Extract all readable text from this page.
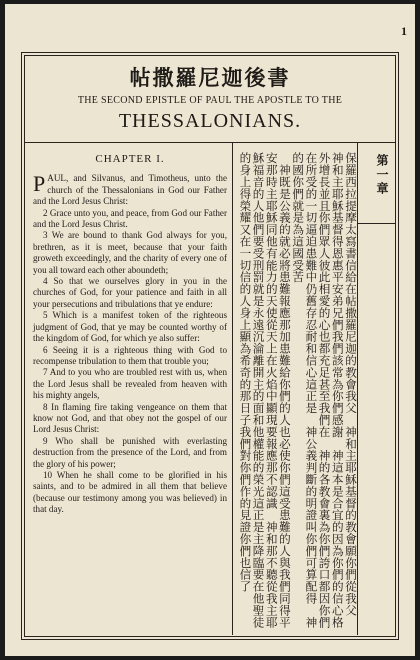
1
帖撒羅尼迦後書
THE SECOND EPISTLE OF PAUL THE APOSTLE TO THE
THESSALONIANS.
第一章
CHAPTER I.

PAUL, and Silvanus, and Timotheus, unto the church of the Thessalonians in God our Father and the Lord Jesus Christ:

2 Grace unto you, and peace, from God our Father and the Lord Jesus Christ.

3 We are bound to thank God always for you, brethren, as it is meet, because that your faith groweth exceedingly, and the charity of every one of you all toward each other aboundeth;

4 So that we ourselves glory in you in the churches of God, for your patience and faith in all your persecutions and tribulations that ye endure:

5 Which is a manifest token of the righteous judgment of God, that ye may be counted worthy of the kingdom of God, for which ye also suffer:

6 Seeing it is a righteous thing with God to recompense tribulation to them that trouble you;

7 And to you who are troubled rest with us, when the Lord Jesus shall be revealed from heaven with his mighty angels,

8 In flaming fire taking vengeance on them that know not God, and that obey not the gospel of our Lord Jesus Christ:

9 Who shall be punished with everlasting destruction from the presence of the Lord, and from the glory of his power;

10 When he shall come to be glorified in his saints, and to be admired in all them that believe (because our testimony among you was believed) in that day.	保羅西拉提摩太寫書信給在帖撒羅尼迦的教會我父　神和主耶穌基督的教會願你們從我父　神和主耶穌基督得恩惠平安弟兄們我們該常為你們感謝　神這本是合宜的因為你們的信心格外增長並且你們眾人彼此相愛的心也都充足甚至我們在　神的各教會裏為你們誇口都因你們在所受的一切逼迫患難中仍舊存忍耐和信心這正是　神公義判斷的明證叫你們可算配得　神的國你們就是為這國受苦

　神既是公義的就必將患難報應那加患難給你們的人也必使你們這受患難的人與我們同得平安那時主耶穌同他有能力的天使從天上在火焰中顯現要報應那不認識　神和那不聽從我主耶穌福音的人他們要受刑罰就是永遠沉淪離開主的面和他權能的榮光這正是主降臨要在他聖徒的身上得榮耀又在一切信的人身上顯為希奇的那日子我們對你們作的見證你們也信了
